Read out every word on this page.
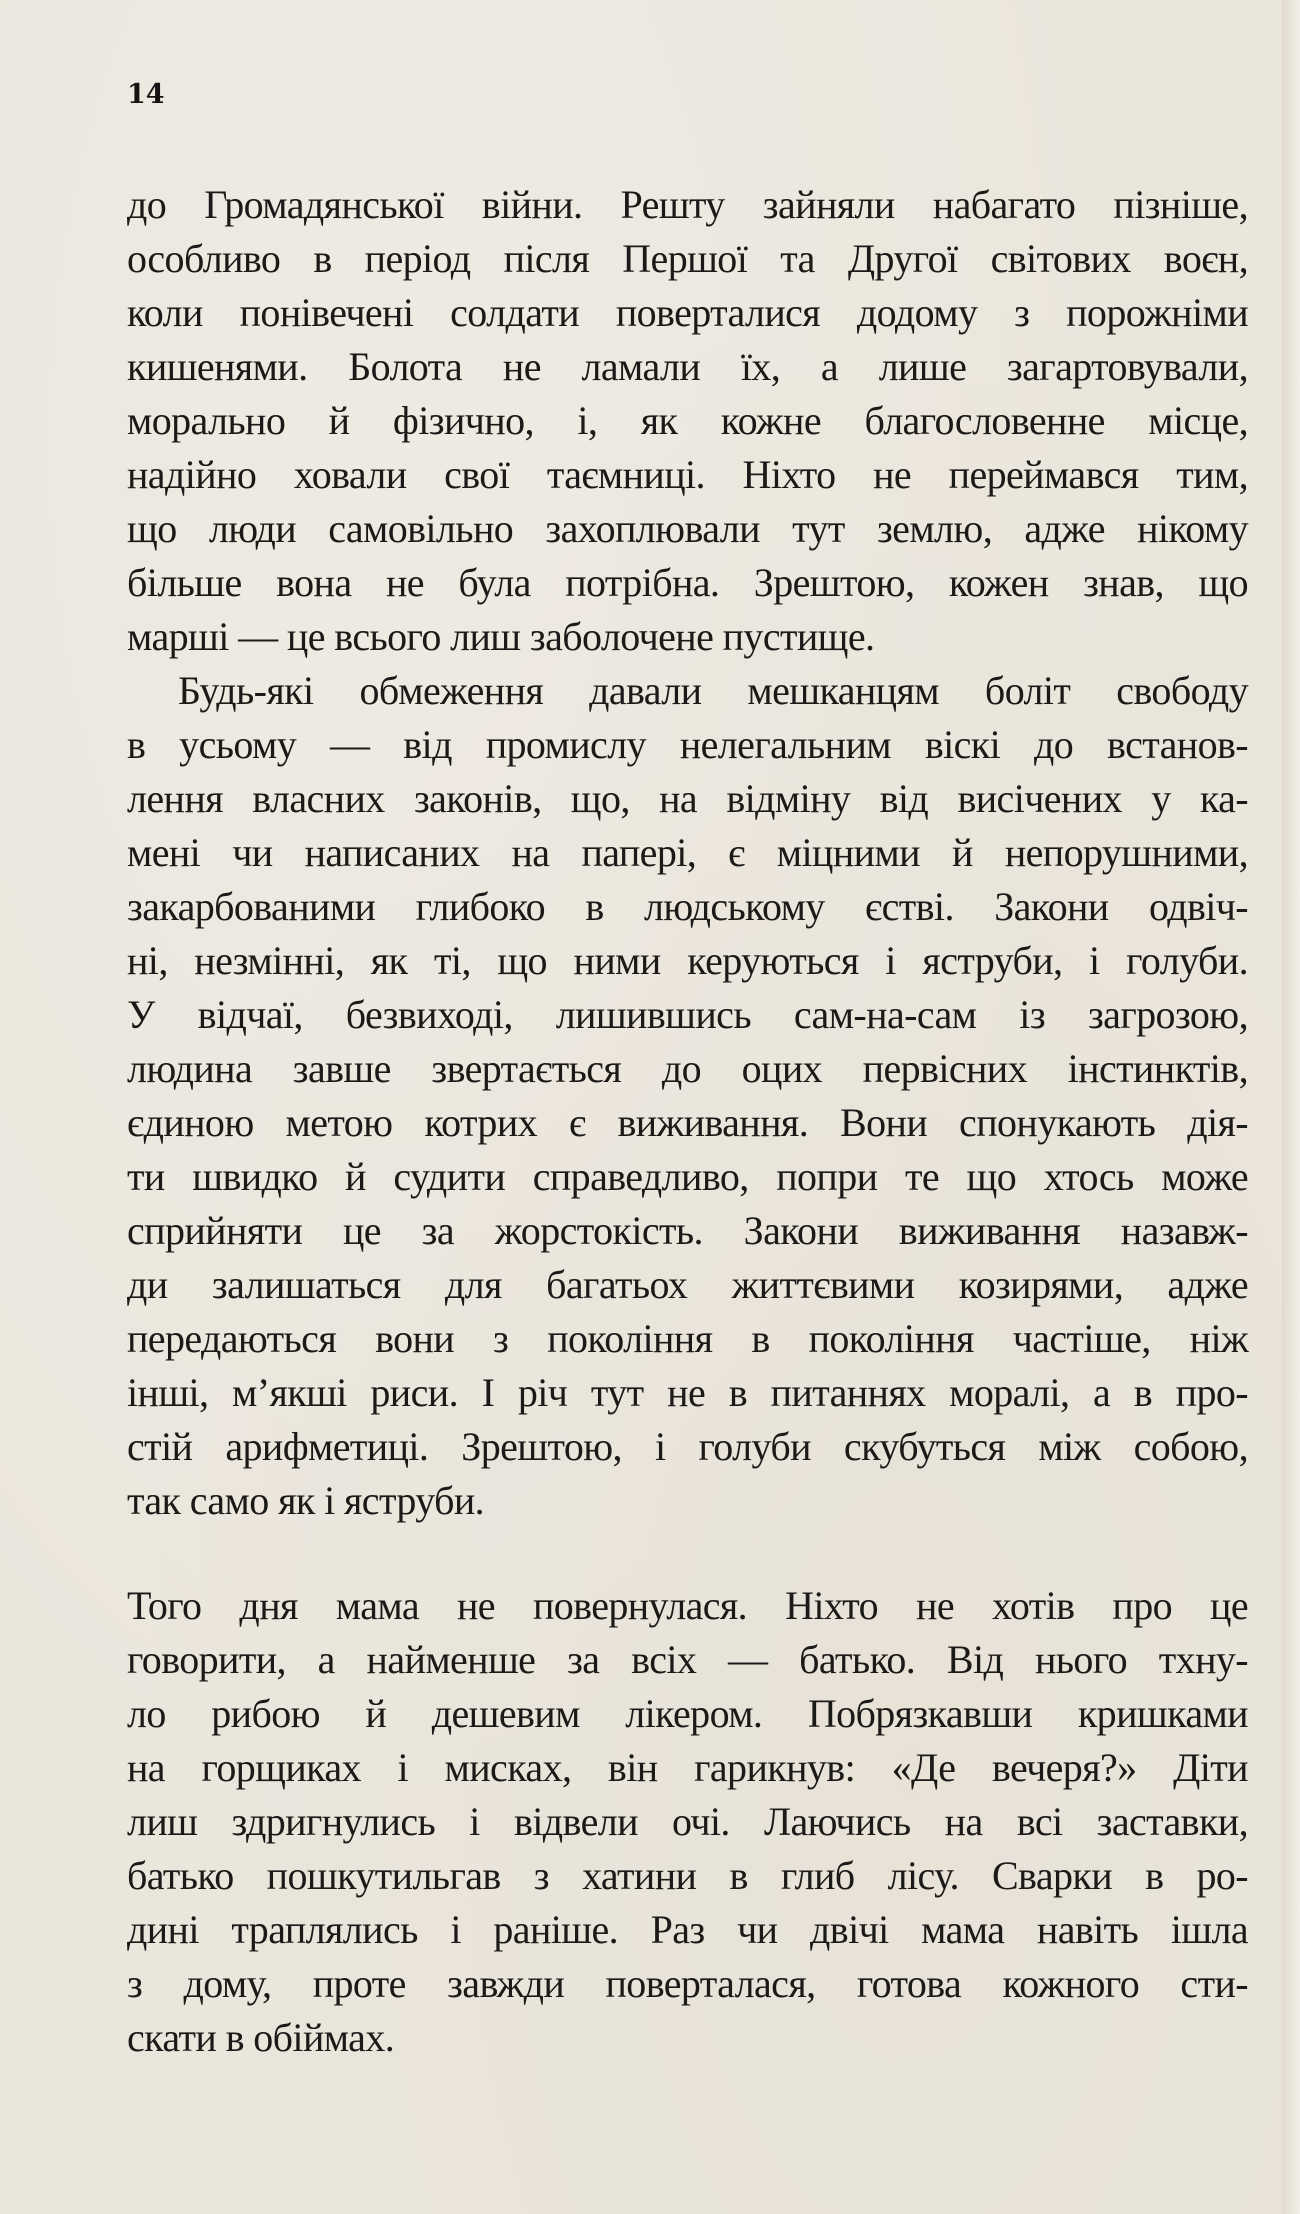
14
до Громадянської війни. Решту зайняли набагато пізніше,
особливо в період після Першої та Другої світових воєн,
коли понівечені солдати поверталися додому з порожніми
кишенями. Болота не ламали їх, а лише загартовували,
морально й фізично, і, як кожне благословенне місце,
надійно ховали свої таємниці. Ніхто не переймався тим,
що люди самовільно захоплювали тут землю, адже нікому
більше вона не була потрібна. Зрештою, кожен знав, що
марші — це всього лиш заболочене пустище.
Будь-які обмеження давали мешканцям боліт свободу
в усьому — від промислу нелегальним віскі до встанов-
лення власних законів, що, на відміну від висічених у ка-
мені чи написаних на папері, є міцними й непорушними,
закарбованими глибоко в людському єстві. Закони одвіч-
ні, незмінні, як ті, що ними керуються і яструби, і голуби.
У відчаї, безвиході, лишившись сам-на-сам із загрозою,
людина завше звертається до оцих первісних інстинктів,
єдиною метою котрих є виживання. Вони спонукають дія-
ти швидко й судити справедливо, попри те що хтось може
сприйняти це за жорстокість. Закони виживання назавж-
ди залишаться для багатьох життєвими козирями, адже
передаються вони з покоління в покоління частіше, ніж
інші, м’якші риси. І річ тут не в питаннях моралі, а в про-
стій арифметиці. Зрештою, і голуби скубуться між собою,
так само як і яструби.
Того дня мама не повернулася. Ніхто не хотів про це
говорити, а найменше за всіх — батько. Від нього тхну-
ло рибою й дешевим лікером. Побрязкавши кришками
на горщиках і мисках, він гарикнув: «Де вечеря?» Діти
лиш здригнулись і відвели очі. Лаючись на всі заставки,
батько пошкутильгав з хатини в глиб лісу. Сварки в ро-
дині траплялись і раніше. Раз чи двічі мама навіть ішла
з дому, проте завжди поверталася, готова кожного сти-
скати в обіймах.
